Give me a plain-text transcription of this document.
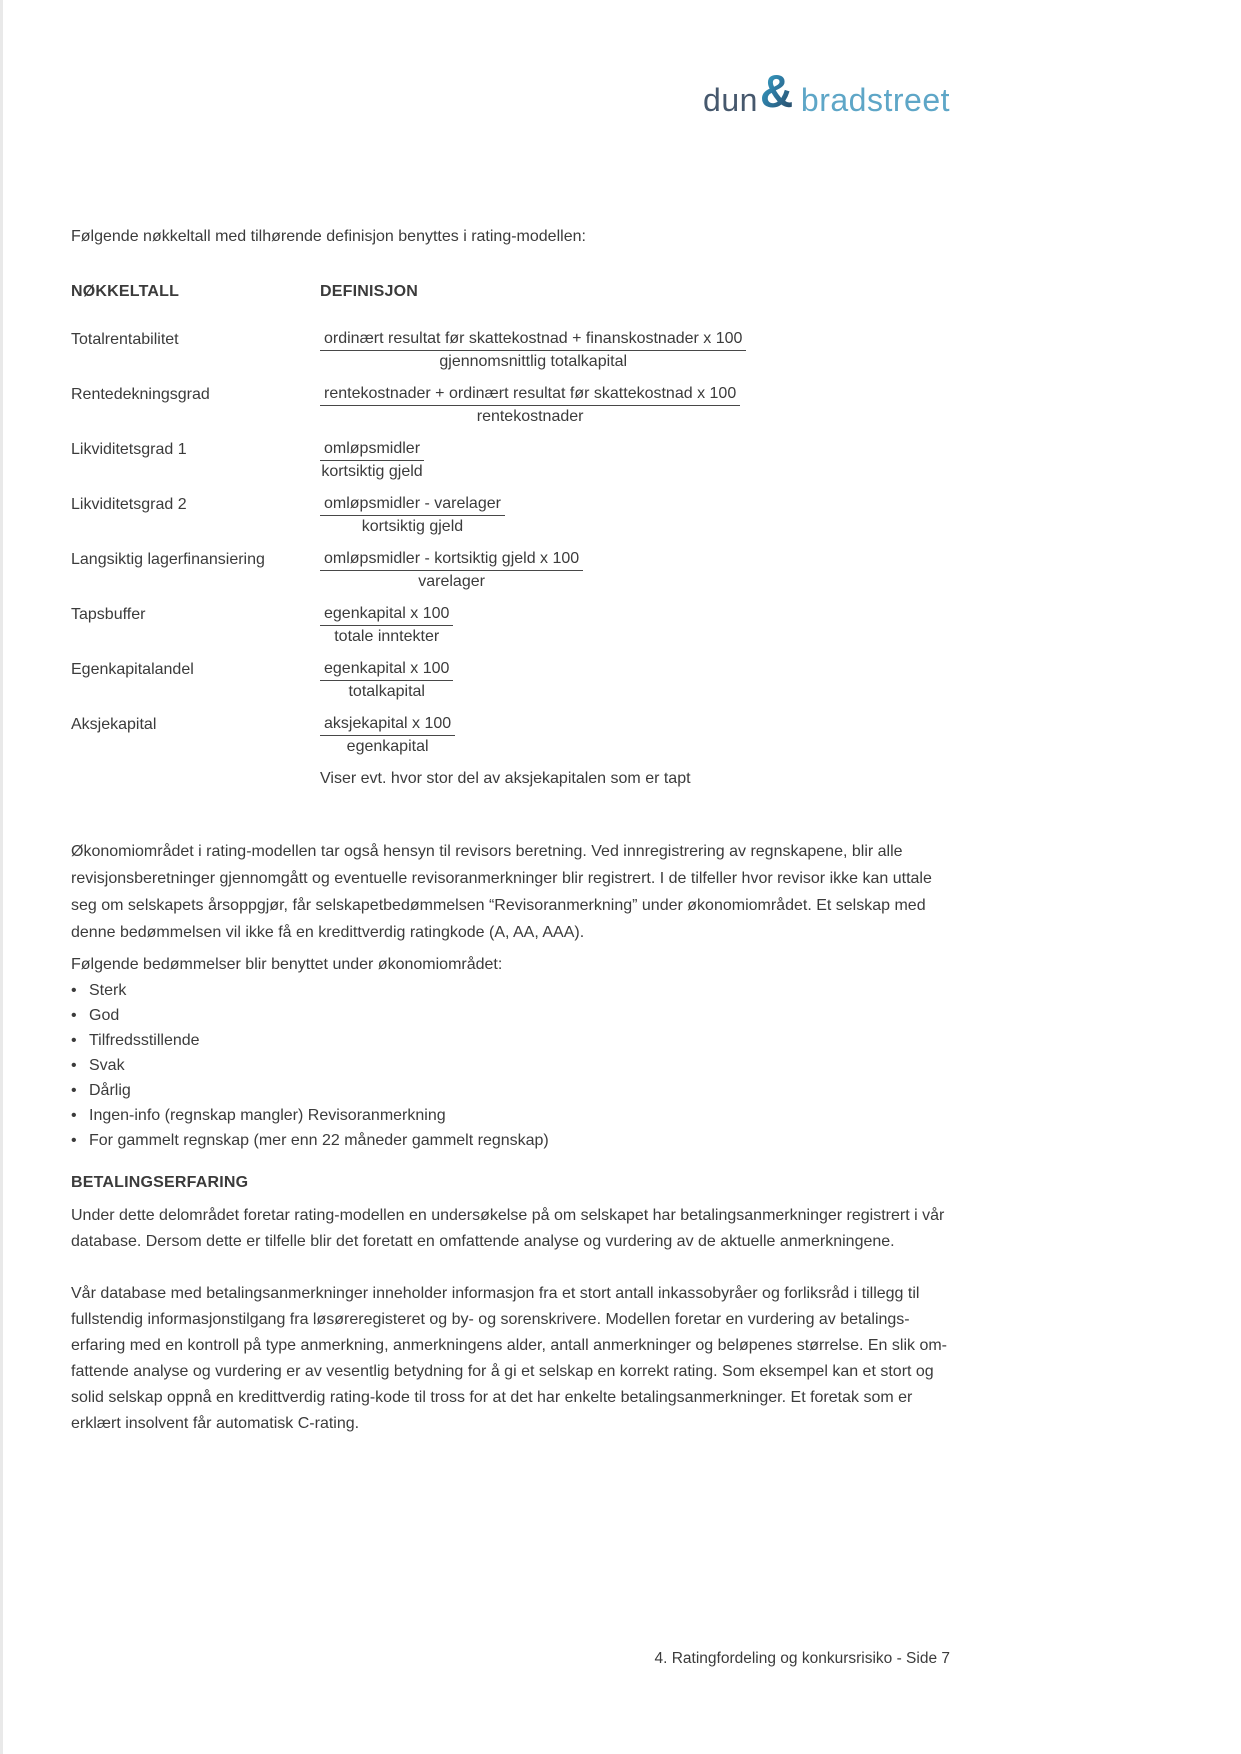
dun & bradstreet
Følgende nøkkeltall med tilhørende definisjon benyttes i rating-modellen:
NØKKELTALL	DEFINISJON
Totalrentabilitet	$\frac{\text{ordinært resultat før skattekostnad + finanskostnader x 100}}{\text{gjennomsnittlig totalkapital}}$
Rentedekningsgrad	$\frac{\text{rentekostnader + ordinært resultat før skattekostnad x 100}}{\text{rentekostnader}}$
Likviditetsgrad 1	$\frac{\text{omløpsmidler}}{\text{kortsiktig gjeld}}$
Likviditetsgrad 2	$\frac{\text{omløpsmidler - varelager}}{\text{kortsiktig gjeld}}$
Langsiktig lagerfinansiering	$\frac{\text{omløpsmidler - kortsiktig gjeld x 100}}{\text{varelager}}$
Tapsbuffer	$\frac{\text{egenkapital x 100}}{\text{totale inntekter}}$
Egenkapitalandel	$\frac{\text{egenkapital x 100}}{\text{totalkapital}}$
Aksjekapital	$\frac{\text{aksjekapital x 100}}{\text{egenkapital}}$
Viser evt. hvor stor del av aksjekapitalen som er tapt
Økonomiområdet i rating-modellen tar også hensyn til revisors beretning. Ved innregistrering av regnskapene, blir alle revisjonsberetninger gjennomgått og eventuelle revisoranmerkninger blir registrert. I de tilfeller hvor revisor ikke kan uttale seg om selskapets årsoppgjør, får selskapetbedømmelsen “Revisoranmerkning” under økonomiområdet. Et selskap med denne bedømmelsen vil ikke få en kredittverdig ratingkode (A, AA, AAA).
Følgende bedømmelser blir benyttet under økonomiområdet:
• Sterk
• God
• Tilfredsstillende
• Svak
• Dårlig
• Ingen-info (regnskap mangler) Revisoranmerkning
• For gammelt regnskap (mer enn 22 måneder gammelt regnskap)
BETALINGSERFARING
Under dette delområdet foretar rating-modellen en undersøkelse på om selskapet har betalingsanmerkninger registrert i vår database. Dersom dette er tilfelle blir det foretatt en omfattende analyse og vurdering av de aktuelle anmerkningene.
Vår database med betalingsanmerkninger inneholder informasjon fra et stort antall inkassobyråer og forliksråd i tillegg til fullstendig informasjonstilgang fra løsøreregisteret og by- og sorenskrivere. Modellen foretar en vurdering av betalings- erfaring med en kontroll på type anmerkning, anmerkningens alder, antall anmerkninger og beløpenes størrelse. En slik om- fattende analyse og vurdering er av vesentlig betydning for å gi et selskap en korrekt rating. Som eksempel kan et stort og solid selskap oppnå en kredittverdig rating-kode til tross for at det har enkelte betalingsanmerkninger. Et foretak som er erklært insolvent får automatisk C-rating.
4. Ratingfordeling og konkursrisiko - Side 7
